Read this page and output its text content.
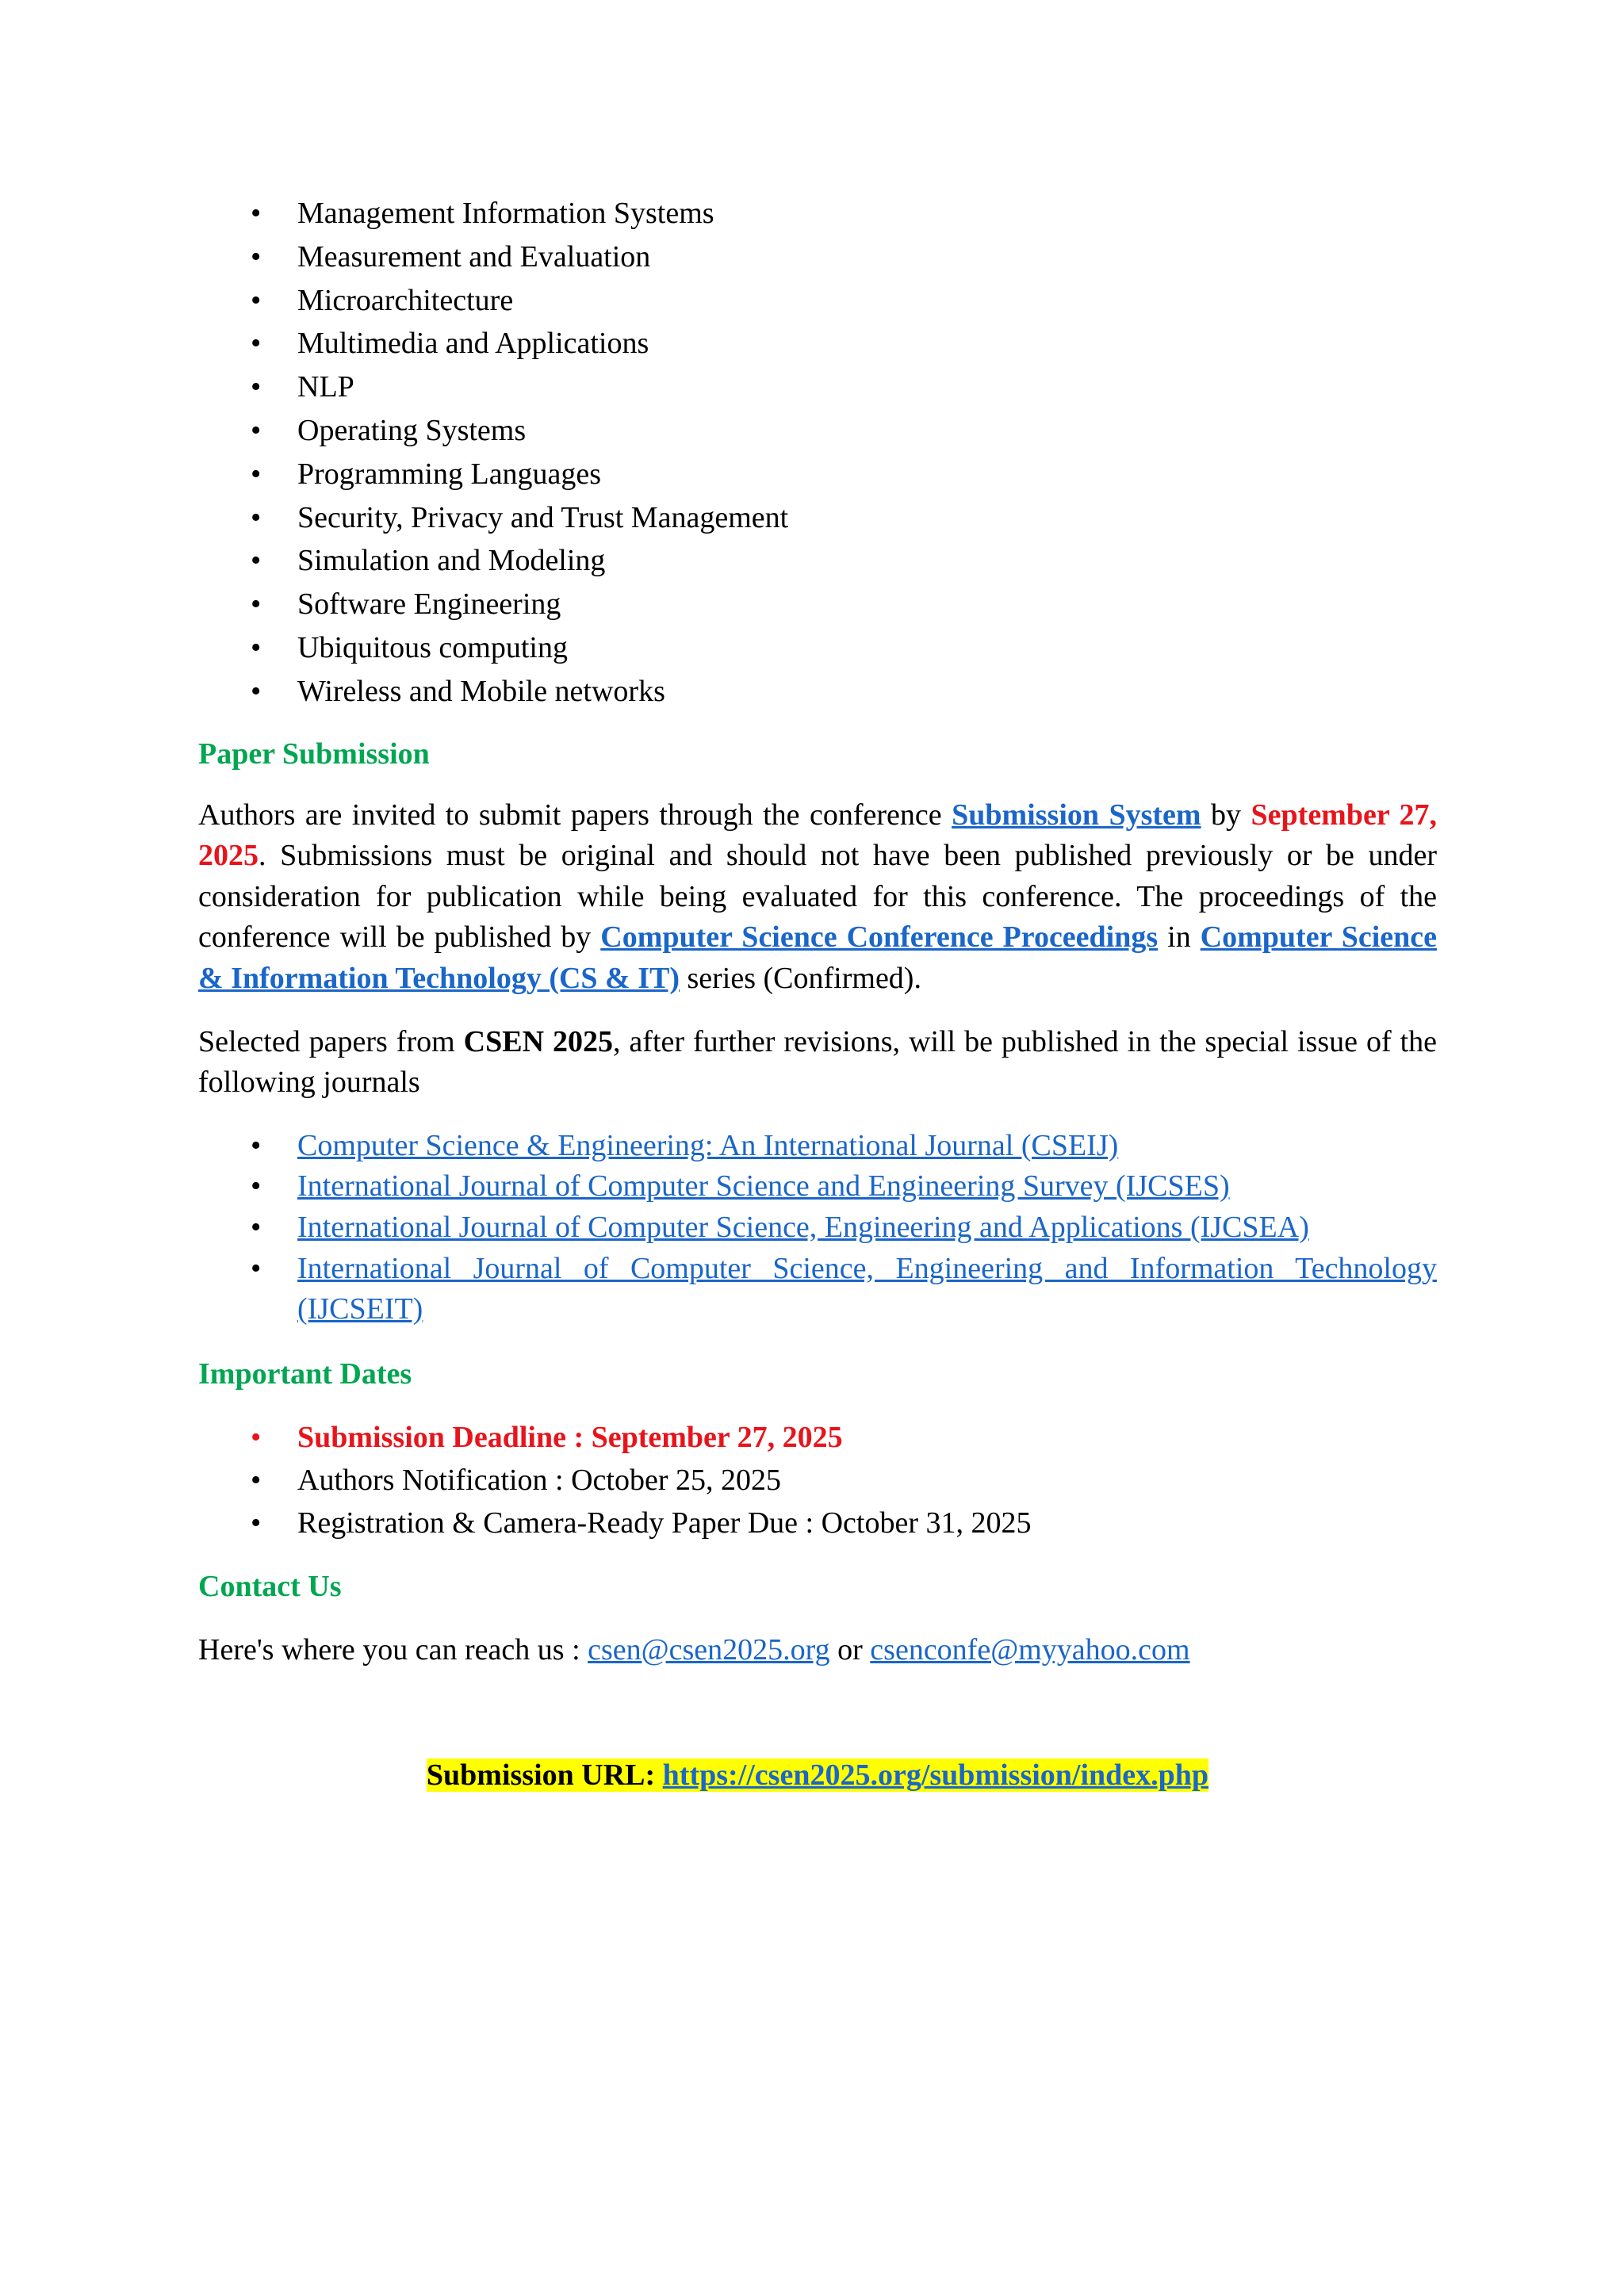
• Management Information Systems
• Measurement and Evaluation
• Microarchitecture
• Multimedia and Applications
• NLP
• Operating Systems
• Programming Languages
• Security, Privacy and Trust Management
• Simulation and Modeling
• Software Engineering
• Ubiquitous computing
• Wireless and Mobile networks
Paper Submission

Authors are invited to submit papers through the conference Submission System by September 27, 2025. Submissions must be original and should not have been published previously or be under consideration for publication while being evaluated for this conference. The proceedings of the conference will be published by Computer Science Conference Proceedings in Computer Science & Information Technology (CS & IT) series (Confirmed).

Selected papers from CSEN 2025, after further revisions, will be published in the special issue of the following journals

• Computer Science & Engineering: An International Journal (CSEIJ)
• International Journal of Computer Science and Engineering Survey (IJCSES)
• International Journal of Computer Science, Engineering and Applications (IJCSEA)
• International Journal of Computer Science, Engineering and Information Technology (IJCSEIT)
Important Dates
• Submission Deadline : September 27, 2025
• Authors Notification : October 25, 2025
• Registration & Camera-Ready Paper Due : October 31, 2025
Contact Us

Here's where you can reach us : csen@csen2025.org or csenconfe@myyahoo.com

Submission URL: https://csen2025.org/submission/index.php
